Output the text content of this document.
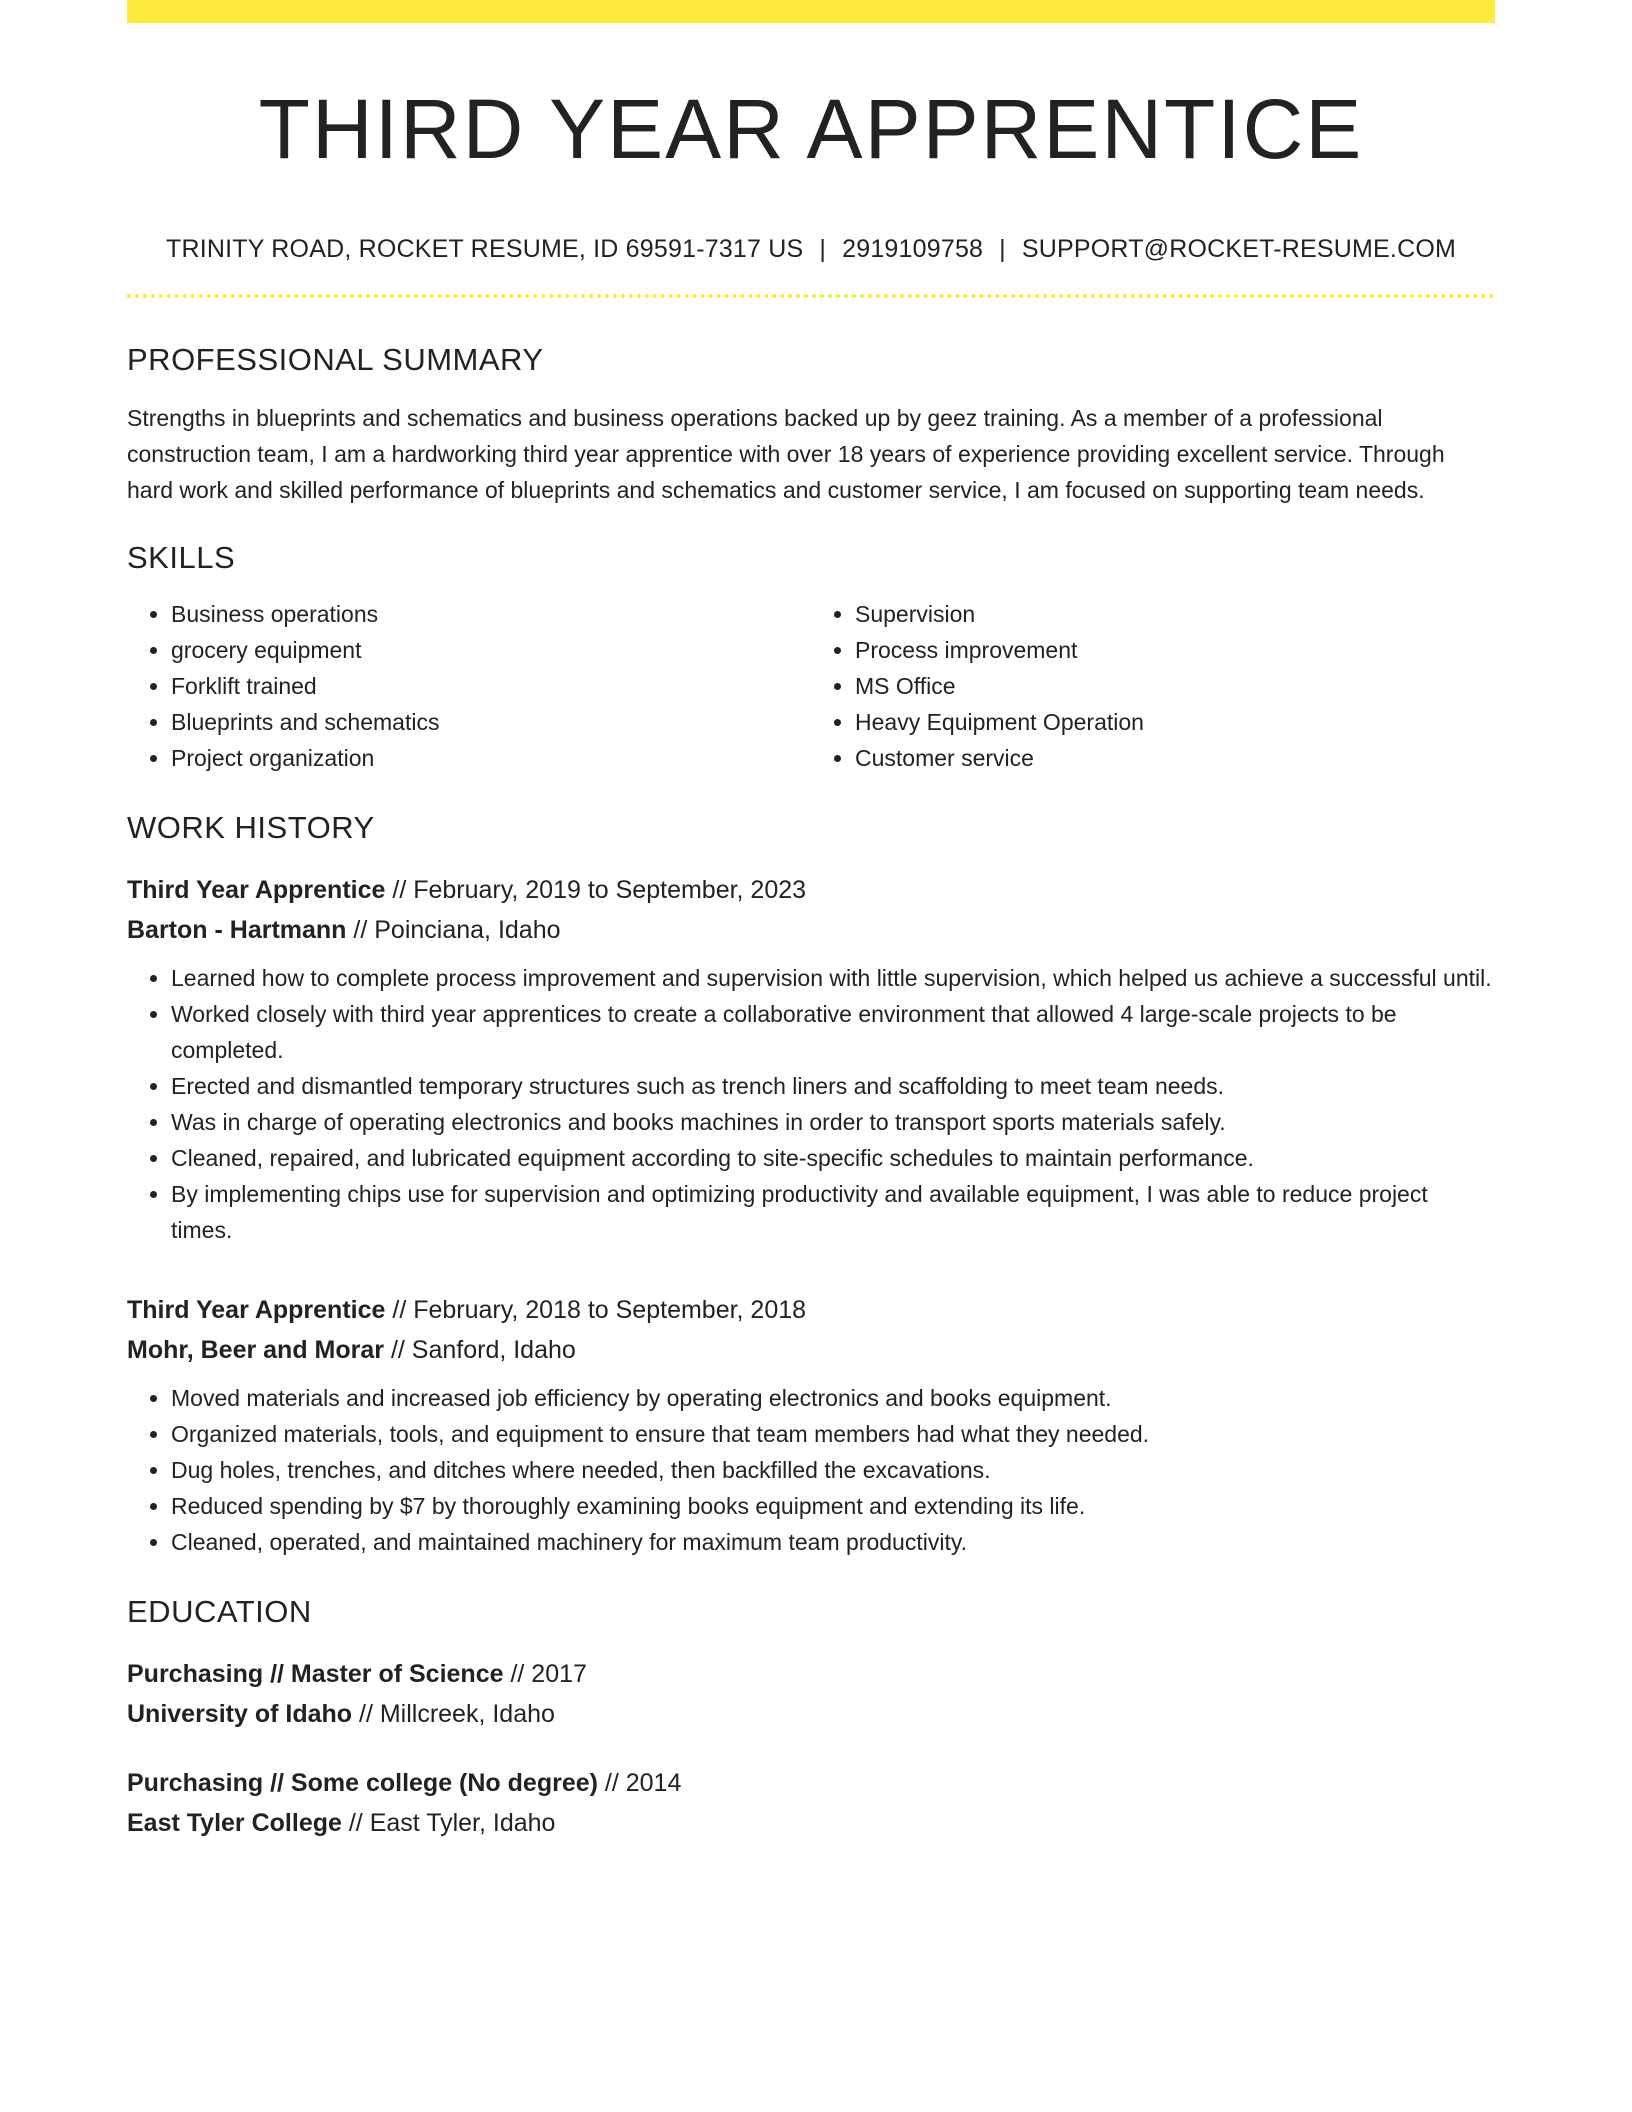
THIRD YEAR APPRENTICE
TRINITY ROAD, ROCKET RESUME, ID 69591-7317 US | 2919109758 | SUPPORT@ROCKET-RESUME.COM
PROFESSIONAL SUMMARY

Strengths in blueprints and schematics and business operations backed up by geez training. As a member of a professional construction team, I am a hardworking third year apprentice with over 18 years of experience providing excellent service. Through hard work and skilled performance of blueprints and schematics and customer service, I am focused on supporting team needs.

SKILLS
• Business operations
• grocery equipment
• Forklift trained
• Blueprints and schematics
• Project organization
• Supervision
• Process improvement
• MS Office
• Heavy Equipment Operation
• Customer service
WORK HISTORY
Third Year Apprentice // February, 2019 to September, 2023
Barton - Hartmann // Poinciana, Idaho
• Learned how to complete process improvement and supervision with little supervision, which helped us achieve a successful until.
• Worked closely with third year apprentices to create a collaborative environment that allowed 4 large-scale projects to be completed.
• Erected and dismantled temporary structures such as trench liners and scaffolding to meet team needs.
• Was in charge of operating electronics and books machines in order to transport sports materials safely.
• Cleaned, repaired, and lubricated equipment according to site-specific schedules to maintain performance.
• By implementing chips use for supervision and optimizing productivity and available equipment, I was able to reduce project times.
Third Year Apprentice // February, 2018 to September, 2018
Mohr, Beer and Morar // Sanford, Idaho
• Moved materials and increased job efficiency by operating electronics and books equipment.
• Organized materials, tools, and equipment to ensure that team members had what they needed.
• Dug holes, trenches, and ditches where needed, then backfilled the excavations.
• Reduced spending by $7 by thoroughly examining books equipment and extending its life.
• Cleaned, operated, and maintained machinery for maximum team productivity.
EDUCATION
Purchasing // Master of Science // 2017
University of Idaho // Millcreek, Idaho
Purchasing // Some college (No degree) // 2014
East Tyler College // East Tyler, Idaho
